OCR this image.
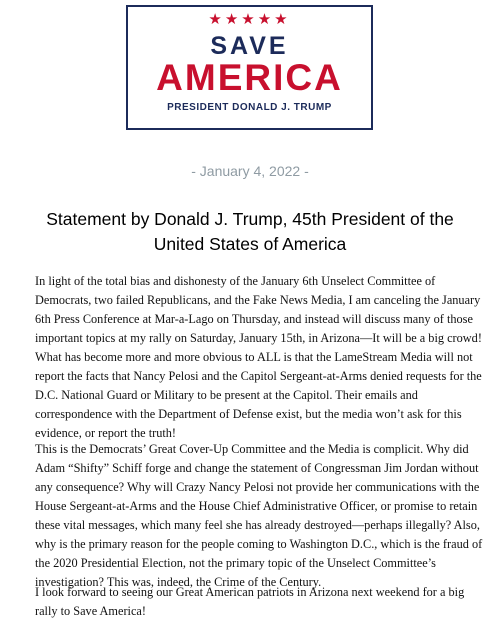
★★★★★
SAVE
AMERICA
PRESIDENT DONALD J. TRUMP
- January 4, 2022 -
Statement by Donald J. Trump, 45th President of the United States of America

In light of the total bias and dishonesty of the January 6th Unselect Committee of Democrats, two failed Republicans, and the Fake News Media, I am canceling the January 6th Press Conference at Mar-a-Lago on Thursday, and instead will discuss many of those important topics at my rally on Saturday, January 15th, in Arizona—It will be a big crowd! What has become more and more obvious to ALL is that the LameStream Media will not report the facts that Nancy Pelosi and the Capitol Sergeant-at-Arms denied requests for the D.C. National Guard or Military to be present at the Capitol. Their emails and correspondence with the Department of Defense exist, but the media won’t ask for this evidence, or report the truth!

This is the Democrats’ Great Cover-Up Committee and the Media is complicit. Why did Adam “Shifty” Schiff forge and change the statement of Congressman Jim Jordan without any consequence? Why will Crazy Nancy Pelosi not provide her communications with the House Sergeant-at-Arms and the House Chief Administrative Officer, or promise to retain these vital messages, which many feel she has already destroyed—perhaps illegally? Also, why is the primary reason for the people coming to Washington D.C., which is the fraud of the 2020 Presidential Election, not the primary topic of the Unselect Committee’s investigation? This was, indeed, the Crime of the Century.

I look forward to seeing our Great American patriots in Arizona next weekend for a big rally to Save America!
